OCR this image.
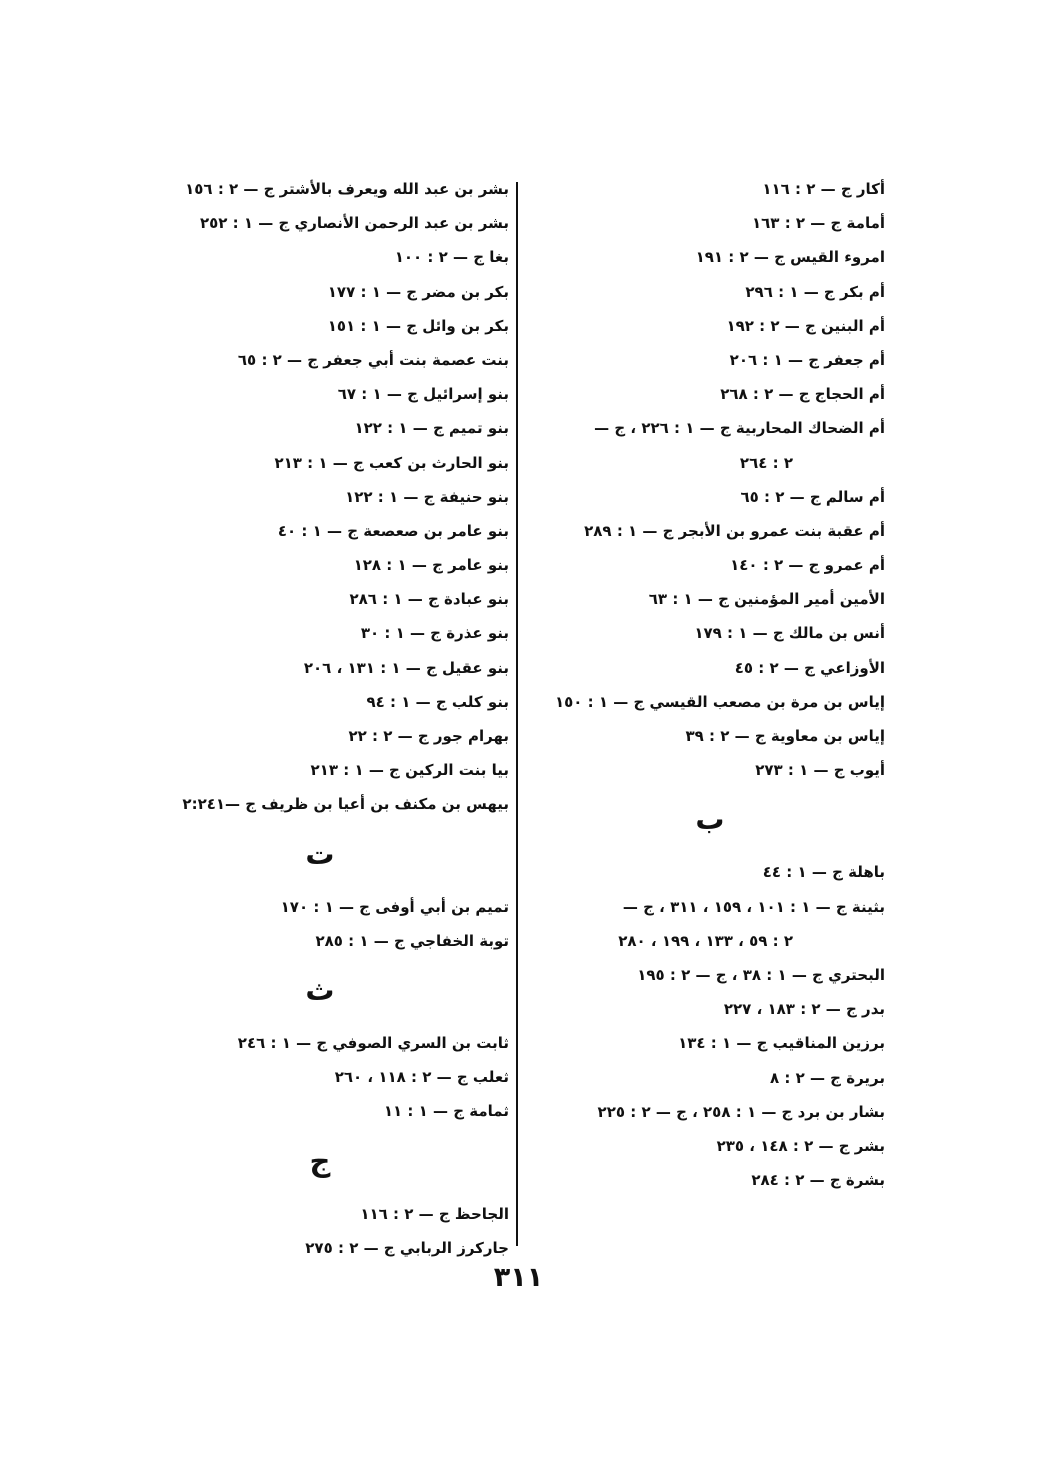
أكار ج — ٢ : ١١٦
أمامة ج — ٢ : ١٦٣
امروء القيس ج — ٢ : ١٩١
أم بكر ج — ١ : ٢٩٦
أم البنين ج — ٢ : ١٩٢
أم جعفر ج — ١ : ٢٠٦
أم الحجاج ج — ٢ : ٢٦٨
أم الضحاك المحاربية ج — ١ : ٢٢٦ ، ج —
٢ : ٢٦٤
أم سالم ج — ٢ : ٦٥
أم عقبة بنت عمرو بن الأبجر ج — ١ : ٢٨٩
أم عمرو ج — ٢ : ١٤٠
الأمين أمير المؤمنين ج — ١ : ٦٣
أنس بن مالك ج — ١ : ١٧٩
الأوزاعي ج — ٢ : ٤٥
إياس بن مرة بن مصعب القيسي ج — ١ : ١٥٠
إياس بن معاوية ج — ٢ : ٣٩
أيوب ج — ١ : ٢٧٣
ب
باهلة ج — ١ : ٤٤
بثينة ج — ١ : ١٠١ ، ١٥٩ ، ٣١١ ، ج —
٢ : ٥٩ ، ١٣٣ ، ١٩٩ ، ٢٨٠
البحتري ج — ١ : ٣٨ ، ج — ٢ : ١٩٥
بدر ج — ٢ : ١٨٣ ، ٢٢٧
برزين المناقيب ج — ١ : ١٣٤
بريرة ج — ٢ : ٨
بشار بن برد ج — ١ : ٢٥٨ ، ج — ٢ : ٢٢٥
بشر ج — ٢ : ١٤٨ ، ٢٣٥
بشرة ج — ٢ : ٢٨٤
بشر بن عبد الله ويعرف بالأشتر ج — ٢ : ١٥٦
بشر بن عبد الرحمن الأنصاري ج — ١ : ٢٥٢
بغا ج — ٢ : ١٠٠
بكر بن مضر ج — ١ : ١٧٧
بكر بن وائل ج — ١ : ١٥١
بنت عصمة بنت أبي جعفر ج — ٢ : ٦٥
بنو إسرائيل ج — ١ : ٦٧
بنو تميم ج — ١ : ١٢٢
بنو الحارث بن كعب ج — ١ : ٢١٣
بنو حنيفة ج — ١ : ١٢٢
بنو عامر بن صعصعة ج — ١ : ٤٠
بنو عامر ج — ١ : ١٢٨
بنو عبادة ج — ١ : ٢٨٦
بنو عذرة ج — ١ : ٣٠
بنو عقيل ج — ١ : ١٣١ ، ٢٠٦
بنو كلب ج — ١ : ٩٤
بهرام جور ج — ٢ : ٢٢
بيا بنت الركين ج — ١ : ٢١٣
بيهس بن مكنف بن أعيا بن ظريف ج —٢:٢٤١
ت
تميم بن أبي أوفى ج — ١ : ١٧٠
توبة الخفاجي ج — ١ : ٢٨٥
ث
ثابت بن السري الصوفي ج — ١ : ٢٤٦
ثعلب ج — ٢ : ١١٨ ، ٢٦٠
ثمامة ج — ١ : ١١
ج
الجاحظ ج — ٢ : ١١٦
جاركرز الربابي ج — ٢ : ٢٧٥
٣١١
